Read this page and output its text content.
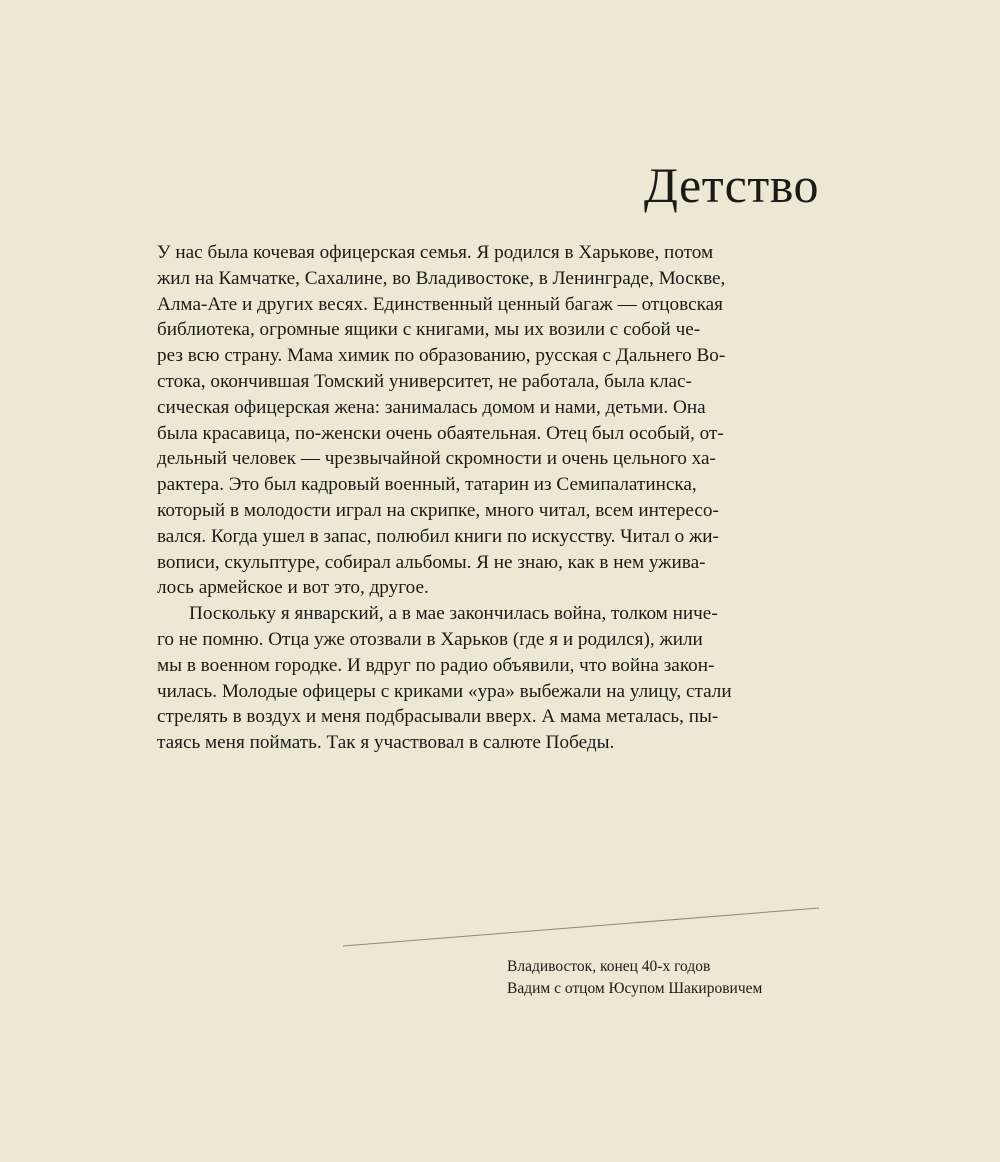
Детство
У нас была кочевая офицерская семья. Я родился в Харькове, потом
жил на Камчатке, Сахалине, во Владивостоке, в Ленинграде, Москве,
Алма-Ате и других весях. Единственный ценный багаж — отцовская
библиотека, огромные ящики с книгами, мы их возили с собой че-
рез всю страну. Мама химик по образованию, русская с Дальнего Во-
стока, окончившая Томский университет, не работала, была клас-
сическая офицерская жена: занималась домом и нами, детьми. Она
была красавица, по-женски очень обаятельная. Отец был особый, от-
дельный человек — чрезвычайной скромности и очень цельного ха-
рактера. Это был кадровый военный, татарин из Семипалатинска,
который в молодости играл на скрипке, много читал, всем интересо-
вался. Когда ушел в запас, полюбил книги по искусству. Читал о жи-
вописи, скульптуре, собирал альбомы. Я не знаю, как в нем ужива-
лось армейское и вот это, другое.
Поскольку я январский, а в мае закончилась война, толком ниче-
го не помню. Отца уже отозвали в Харьков (где я и родился), жили
мы в военном городке. И вдруг по радио объявили, что война закон-
чилась. Молодые офицеры с криками «ура» выбежали на улицу, стали
стрелять в воздух и меня подбрасывали вверх. А мама металась, пы-
таясь меня поймать. Так я участвовал в салюте Победы.
Владивосток, конец 40-х годов
Вадим с отцом Юсупом Шакировичем
